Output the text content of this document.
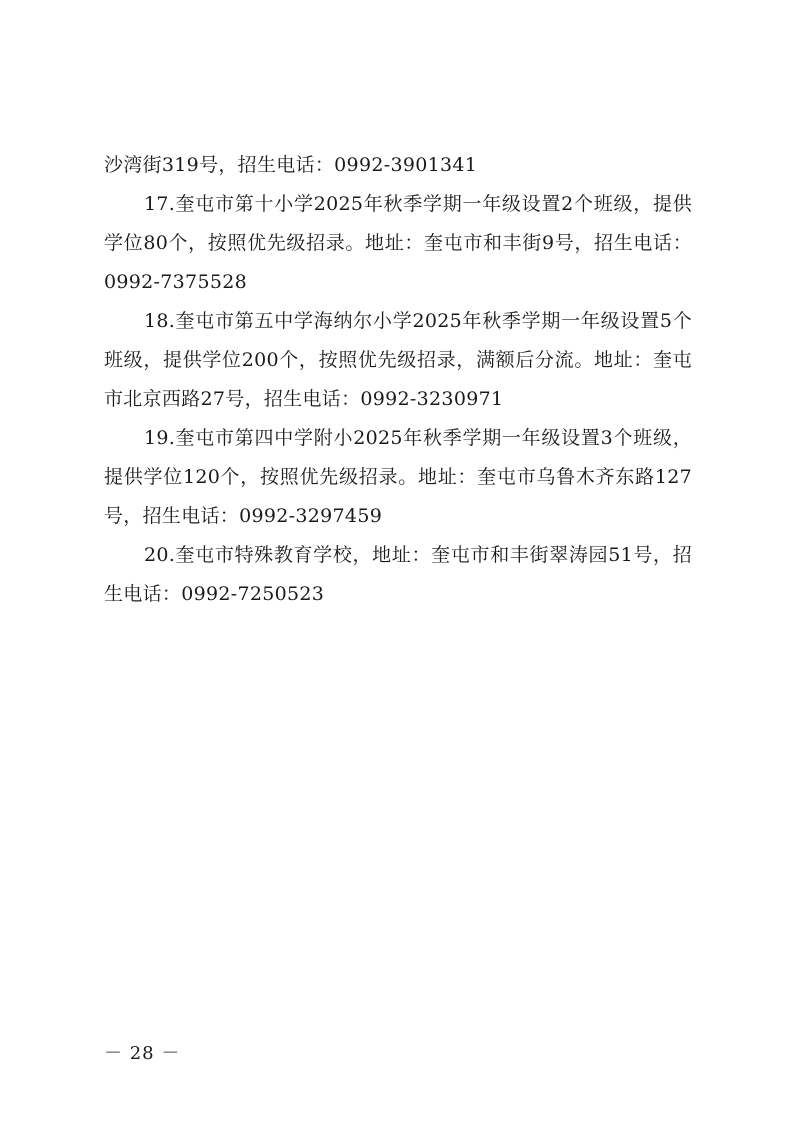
沙湾街319号，招生电话：0992-3901341

17.奎屯市第十小学2025年秋季学期一年级设置2个班级，提供学位80个，按照优先级招录。地址：奎屯市和丰街9号，招生电话：0992-7375528

18.奎屯市第五中学海纳尔小学2025年秋季学期一年级设置5个班级，提供学位200个，按照优先级招录，满额后分流。地址：奎屯市北京西路27号，招生电话：0992-3230971

19.奎屯市第四中学附小2025年秋季学期一年级设置3个班级，提供学位120个，按照优先级招录。地址：奎屯市乌鲁木齐东路127号，招生电话：0992-3297459

20.奎屯市特殊教育学校，地址：奎屯市和丰街翠涛园51号，招生电话：0992-7250523

－ 28 －
